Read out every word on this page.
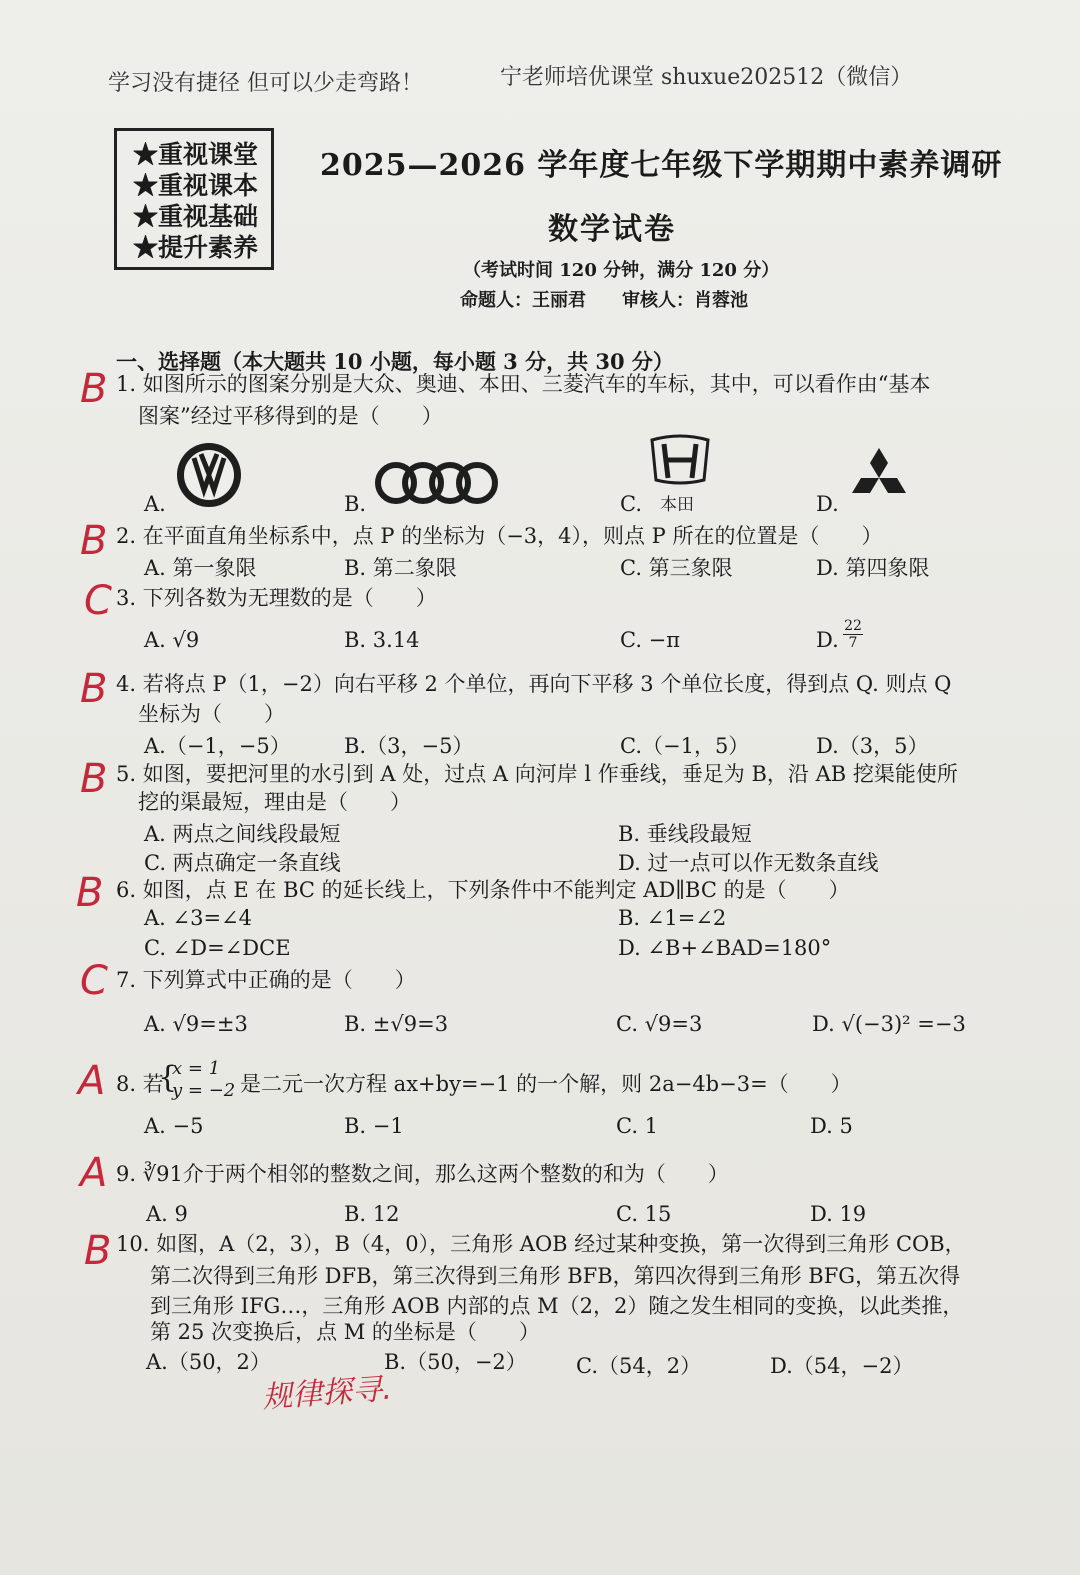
学习没有捷径 但可以少走弯路！	宁老师培优课堂 shuxue202512（微信）
★重视课堂
★重视课本
★重视基础
★提升素养
2025—2026 学年度七年级下学期期中素养调研
数学试卷
（考试时间 120 分钟，满分 120 分）
命题人：王丽君　　审核人：肖蓉池
一、选择题（本大题共 10 小题，每小题 3 分，共 30 分）
B
B
C
B
B
B
C
A
A
B
1. 如图所示的图案分别是大众、奥迪、本田、三菱汽车的车标，其中，可以看作由“基本
图案”经过平移得到的是（　　）
A.	B.	C. 本田	D.
2. 在平面直角坐标系中，点 P 的坐标为（−3，4），则点 P 所在的位置是（　　）
A. 第一象限	B. 第二象限	C. 第三象限	D. 第四象限
3. 下列各数为无理数的是（　　）
A. √9	B. 3.14	C. −π	D. $\frac{22}{7}$
4. 若将点 P（1，−2）向右平移 2 个单位，再向下平移 3 个单位长度，得到点 Q. 则点 Q
坐标为（　　）
A.（−1，−5）	B.（3，−5）	C.（−1，5）	D.（3，5）
5. 如图，要把河里的水引到 A 处，过点 A 向河岸 l 作垂线，垂足为 B，沿 AB 挖渠能使所
挖的渠最短，理由是（　　）
A. 两点之间线段最短	B. 垂线段最短
C. 两点确定一条直线	D. 过一点可以作无数条直线
6. 如图，点 E 在 BC 的延长线上，下列条件中不能判定 AD∥BC 的是（　　）
A. ∠3=∠4	B. ∠1=∠2
C. ∠D=∠DCE	D. ∠B+∠BAD=180°
7. 下列算式中正确的是（　　）
A. √9=±3	B. ±√9=3	C. √9=3	D. √(−3)² =−3
8. 若
{
x = 1
y = −2 是二元一次方程 ax+by=−1 的一个解，则 2a−4b−3=（　　）
A. −5	B. −1	C. 1	D. 5
9. ∛91介于两个相邻的整数之间，那么这两个整数的和为（　　）
A. 9	B. 12	C. 15	D. 19
10. 如图，A（2，3），B（4，0），三角形 AOB 经过某种变换，第一次得到三角形 COB，
第二次得到三角形 DFB，第三次得到三角形 BFB，第四次得到三角形 BFG，第五次得
到三角形 IFG…，三角形 AOB 内部的点 M（2，2）随之发生相同的变换，以此类推，
第 25 次变换后，点 M 的坐标是（　　）
A.（50，2）	B.（50，−2） C.（54，2）	D.（54，−2）
规律探寻.
